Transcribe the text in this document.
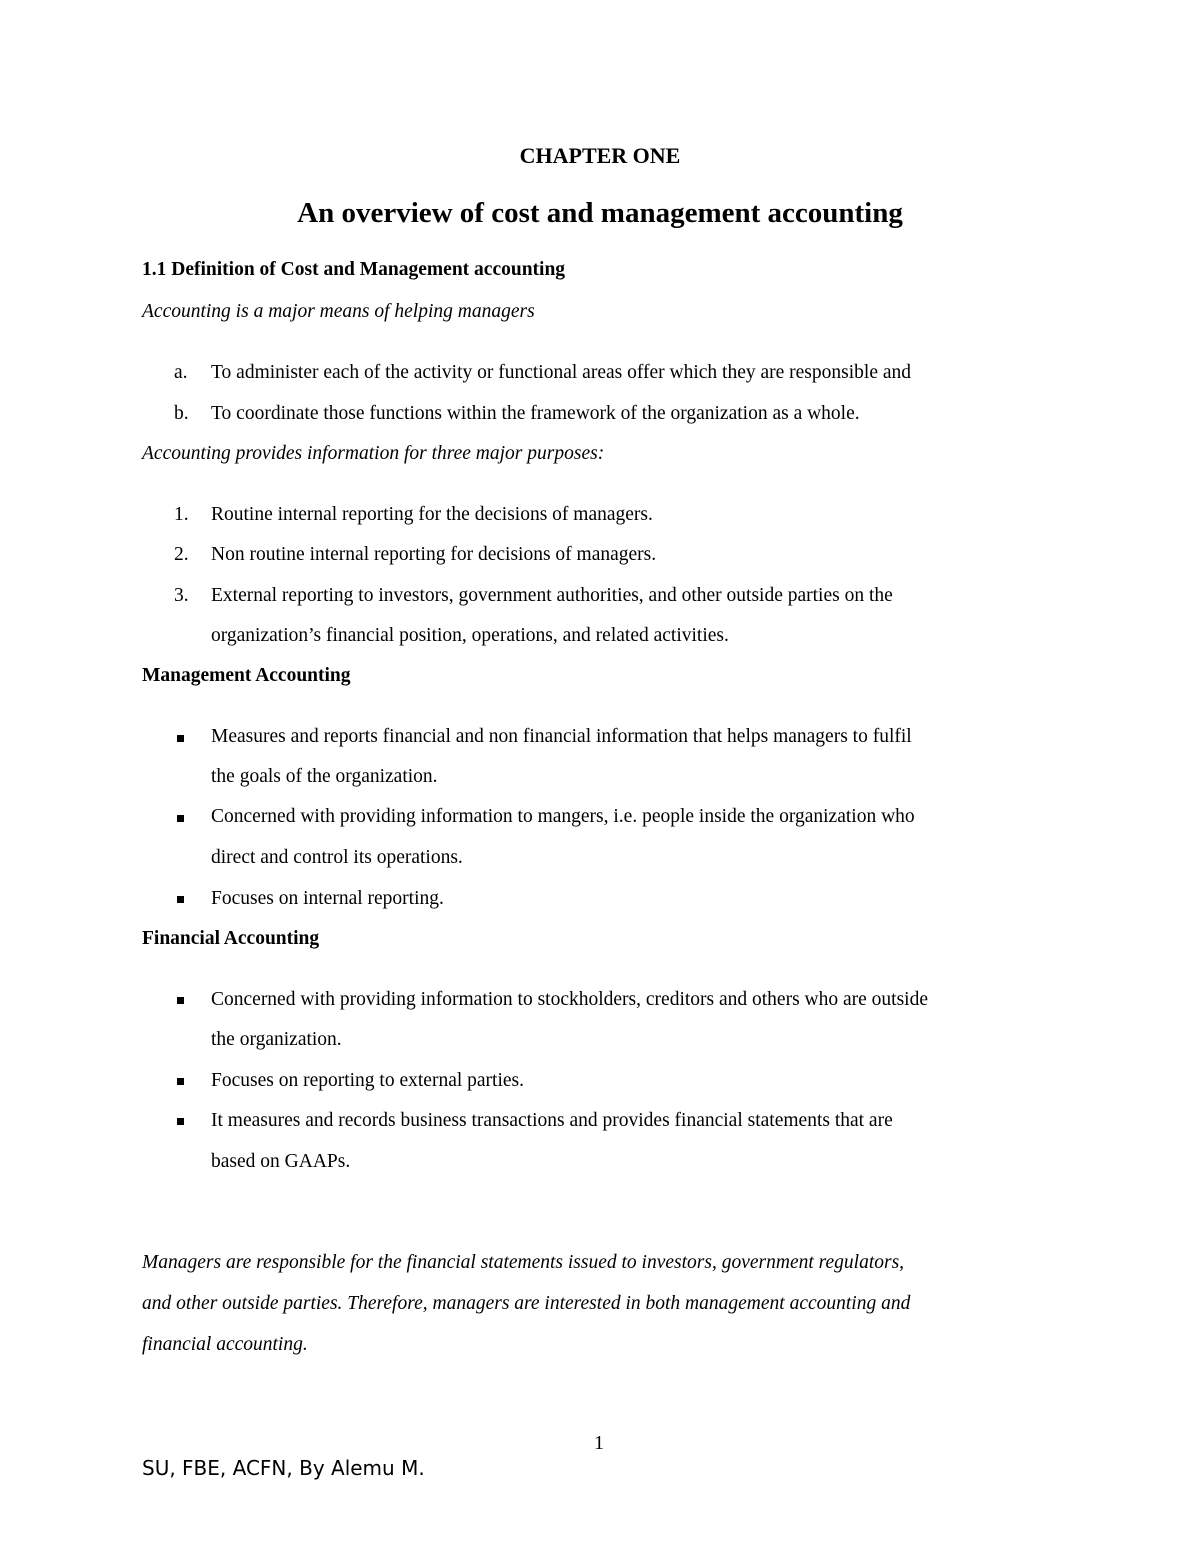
CHAPTER ONE
An overview of cost and management accounting
1.1 Definition of Cost and Management accounting
Accounting is a major means of helping managers
a. To administer each of the activity or functional areas offer which they are responsible and
b. To coordinate those functions within the framework of the organization as a whole.
Accounting provides information for three major purposes:
1. Routine internal reporting for the decisions of managers.
2. Non routine internal reporting for decisions of managers.
3. External reporting to investors, government authorities, and other outside parties on the
organization’s financial position, operations, and related activities.
Management Accounting
Measures and reports financial and non financial information that helps managers to fulfil
the goals of the organization.
Concerned with providing information to mangers, i.e. people inside the organization who
direct and control its operations.
Focuses on internal reporting.
Financial Accounting
Concerned with providing information to stockholders, creditors and others who are outside
the organization.
Focuses on reporting to external parties.
It measures and records business transactions and provides financial statements that are
based on GAAPs.
Managers are responsible for the financial statements issued to investors, government regulators,
and other outside parties. Therefore, managers are interested in both management accounting and
financial accounting.
1
SU, FBE, ACFN, By Alemu M.
